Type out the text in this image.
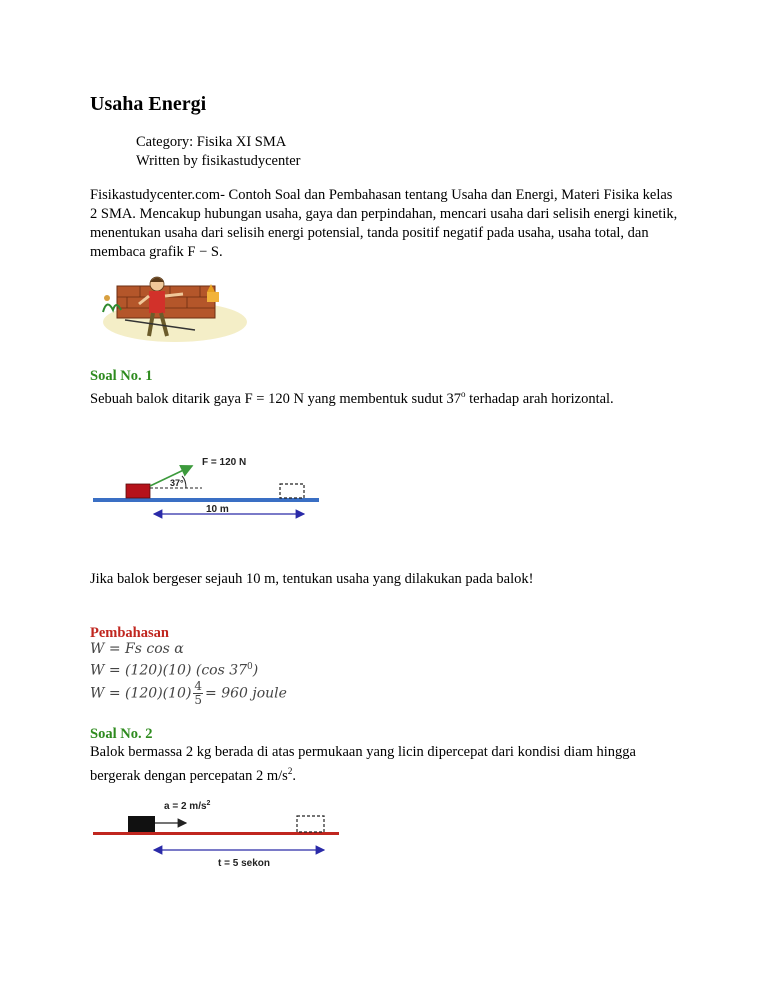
Usaha Energi
Category: Fisika XI SMA
Written by fisikastudycenter
Fisikastudycenter.com- Contoh Soal dan Pembahasan tentang Usaha dan Energi, Materi Fisika kelas 2 SMA. Mencakup hubungan usaha, gaya dan perpindahan, mencari usaha dari selisih energi kinetik, menentukan usaha dari selisih energi potensial, tanda positif negatif pada usaha, usaha total, dan membaca grafik F − S.
Soal No. 1
Sebuah balok ditarik gaya F = 120 N yang membentuk sudut 37$^o$ terhadap arah horizontal.
F = 120 N
37°
10 m
Jika balok bergeser sejauh 10 m, tentukan usaha yang dilakukan pada balok!
Pembahasan
W = Fs cos α
W = (120)(10) (cos $37^0$)
$W = (120)(10) \frac{4}{5} = 960$ joule
Soal No. 2
Balok bermassa 2 kg berada di atas permukaan yang licin dipercepat dari kondisi diam hingga bergerak dengan percepatan 2 $m/s^2$.
a = 2 $m/s^2$
t = 5 sekon
